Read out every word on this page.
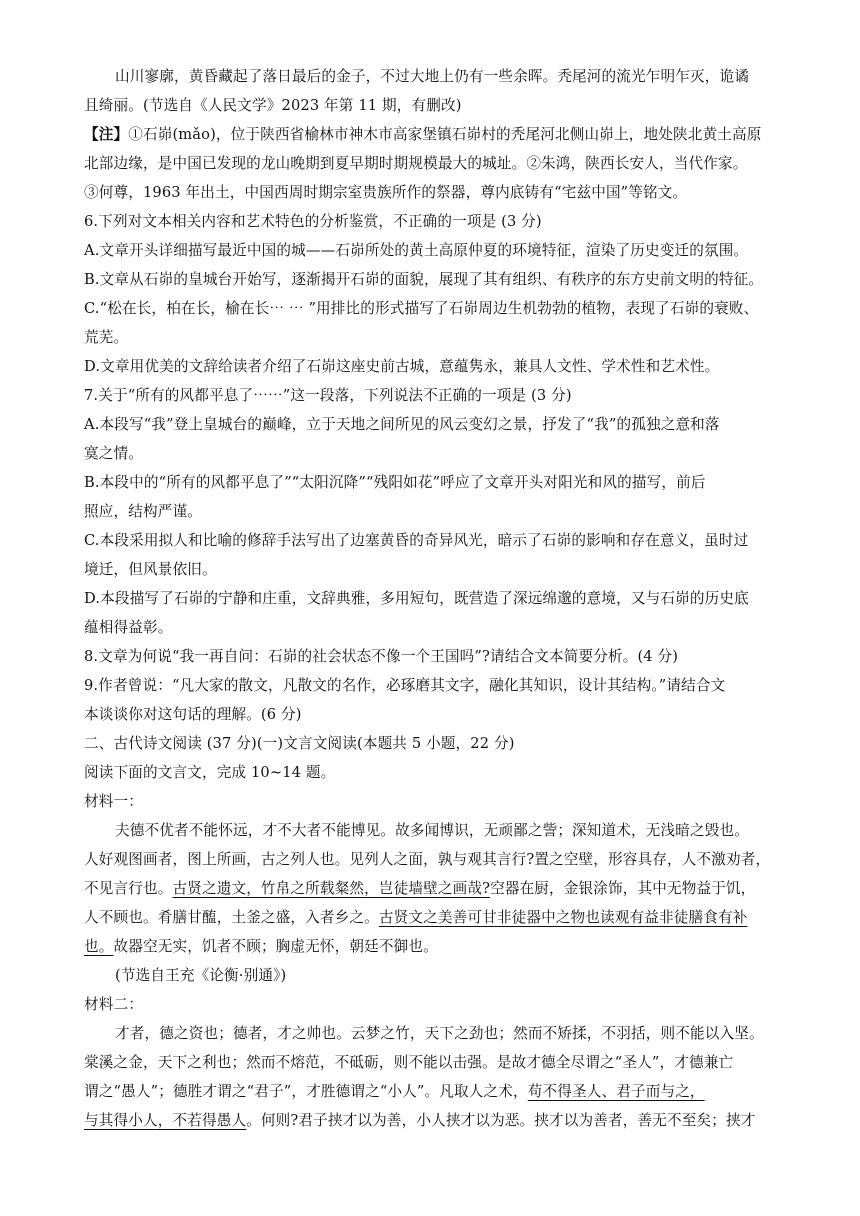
山川寥廓，黄昏藏起了落日最后的金子，不过大地上仍有一些余晖。秃尾河的流光乍明乍灭，诡谲
且绮丽。(节选自《人民文学》2023 年第 11 期，有删改)
【注】①石峁(mǎo)，位于陕西省榆林市神木市高家堡镇石峁村的秃尾河北侧山峁上，地处陕北黄土高原
北部边缘，是中国已发现的龙山晚期到夏早期时期规模最大的城址。②朱鸿，陕西长安人，当代作家。
③何尊，1963 年出土，中国西周时期宗室贵族所作的祭器，尊内底铸有“宅兹中国”等铭文。
6.下列对文本相关内容和艺术特色的分析鉴赏，不正确的一项是 (3 分)
A.文章开头详细描写最近中国的城——石峁所处的黄土高原仲夏的环境特征，渲染了历史变迁的氛围。
B.文章从石峁的皇城台开始写，逐渐揭开石峁的面貌，展现了其有组织、有秩序的东方史前文明的特征。
C.“松在长，柏在长，榆在长⋯ ⋯ ”用排比的形式描写了石峁周边生机勃勃的植物，表现了石峁的衰败、
荒芜。
D.文章用优美的文辞给读者介绍了石峁这座史前古城，意蕴隽永，兼具人文性、学术性和艺术性。
7.关于“所有的风都平息了⋯⋯”这一段落，下列说法不正确的一项是 (3 分)
A.本段写“我”登上皇城台的巅峰，立于天地之间所见的风云变幻之景，抒发了“我”的孤独之意和落
寞之情。
B.本段中的“所有的风都平息了”“太阳沉降”“残阳如花”呼应了文章开头对阳光和风的描写，前后
照应，结构严谨。
C.本段采用拟人和比喻的修辞手法写出了边塞黄昏的奇异风光，暗示了石峁的影响和存在意义，虽时过
境迁，但风景依旧。
D.本段描写了石峁的宁静和庄重，文辞典雅，多用短句，既营造了深远绵邈的意境，又与石峁的历史底
蕴相得益彰。
8.文章为何说“我一再自问：石峁的社会状态不像一个王国吗”?请结合文本简要分析。(4 分)
9.作者曾说：“凡大家的散文，凡散文的名作，必琢磨其文字，融化其知识，设计其结构。”请结合文
本谈谈你对这句话的理解。(6 分)
二、古代诗文阅读 (37 分)(一)文言文阅读(本题共 5 小题，22 分)
阅读下面的文言文，完成 10~14 题。
材料一：
夫德不优者不能怀远，才不大者不能博见。故多闻博识，无顽鄙之訾；深知道术，无浅暗之毁也。
人好观图画者，图上所画，古之列人也。见列人之面，孰与观其言行?置之空壁，形容具存，人不激劝者，
不见言行也。古贤之遗文，竹帛之所载粲然，岂徒墙壁之画哉?空器在厨，金银涂饰，其中无物益于饥，
人不顾也。肴膳甘醢，土釜之盛，入者乡之。古贤文之美善可甘非徒器中之物也读观有益非徒膳食有补
也。故器空无实，饥者不顾；胸虚无怀，朝廷不御也。
(节选自王充《论衡·别通》)
材料二：
才者，德之资也；德者，才之帅也。云梦之竹，天下之劲也；然而不矫揉，不羽括，则不能以入坚。
棠溪之金，天下之利也；然而不熔范，不砥砺，则不能以击强。是故才德全尽谓之“圣人”，才德兼亡
谓之“愚人”；德胜才谓之“君子”，才胜德谓之“小人”。凡取人之术，苟不得圣人、君子而与之，
与其得小人，不若得愚人。何则?君子挟才以为善，小人挟才以为恶。挟才以为善者，善无不至矣；挟才
